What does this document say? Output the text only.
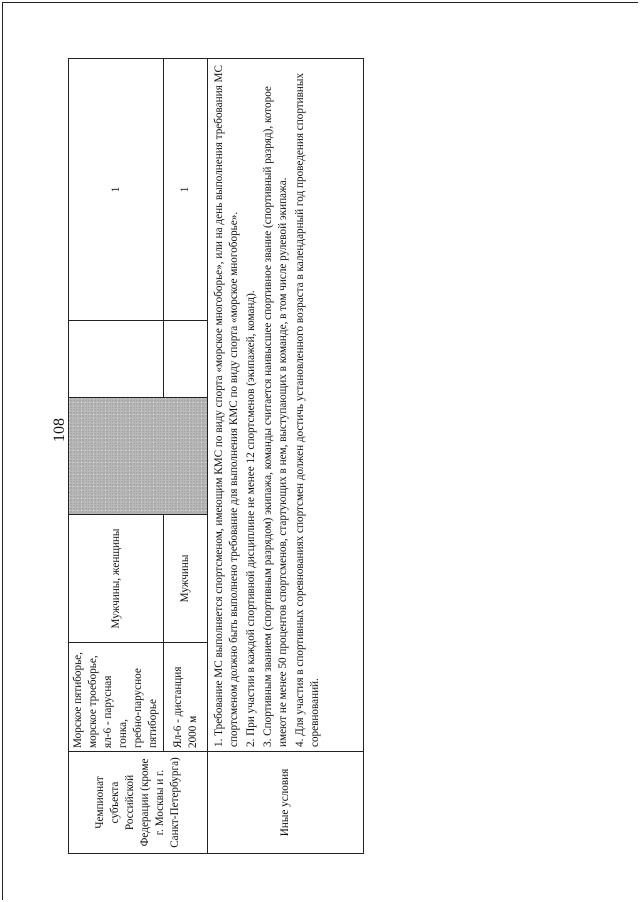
108
Чемпионат субъекта Российской Федерации (кроме г. Москвы и г. Санкт-Петербурга)	Морское пятиборье, морское троеборье, ял-6 - парусная гонка, гребно-парусное пятиборье	Мужчины, женщины			1

	Ял-6 - дистанция 2000 м	Мужчины			1
Иные условия	1. Требование МС выполняется спортсменом, имеющим КМС по виду спорта «морское многоборье», или на день выполнения требования МС спортсменом должно быть выполнено требование для выполнения КМС по виду спорта «морское многоборье». 2. При участии в каждой спортивной дисциплине не менее 12 спортсменов (экипажей, команд). 3. Спортивным званием (спортивным разрядом) экипажа, команды считается наивысшее спортивное звание (спортивный разряд), которое имеют не менее 50 процентов спортсменов, стартующих в нем, выступающих в команде, в том числе рулевой экипажа. 4. Для участия в спортивных соревнованиях спортсмен должен достичь установленного возраста в календарный год проведения спортивных соревнований.				
